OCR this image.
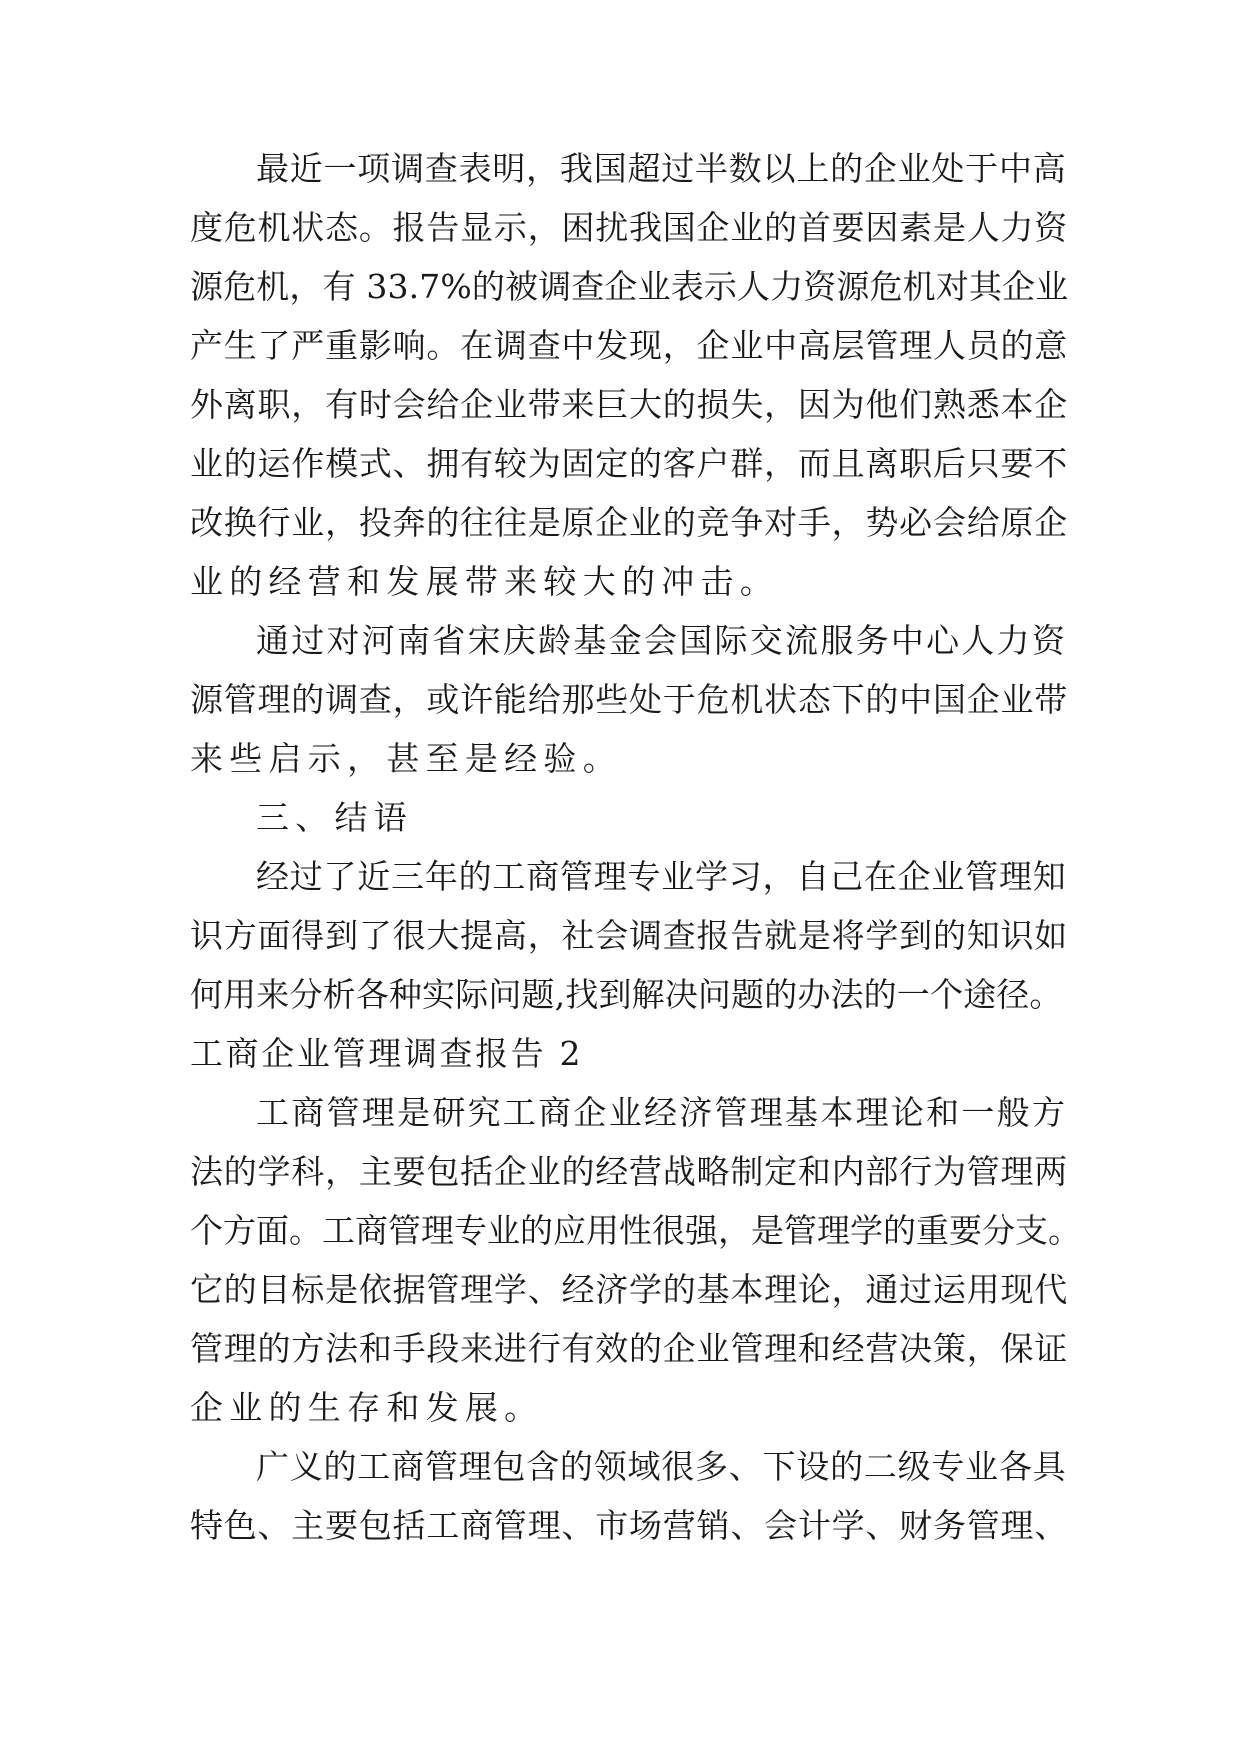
最近一项调查表明，我国超过半数以上的企业处于中高

度危机状态。报告显示，困扰我国企业的首要因素是人力资

源危机，有 33.7%的被调查企业表示人力资源危机对其企业

产生了严重影响。在调查中发现，企业中高层管理人员的意

外离职，有时会给企业带来巨大的损失，因为他们熟悉本企

业的运作模式、拥有较为固定的客户群，而且离职后只要不

改换行业，投奔的往往是原企业的竞争对手，势必会给原企

业的经营和发展带来较大的冲击。

通过对河南省宋庆龄基金会国际交流服务中心人力资

源管理的调查，或许能给那些处于危机状态下的中国企业带

来些启示，甚至是经验。

三、结语

经过了近三年的工商管理专业学习，自己在企业管理知

识方面得到了很大提高，社会调查报告就是将学到的知识如

何用来分析各种实际问题,找到解决问题的办法的一个途径。

工商企业管理调查报告 2

工商管理是研究工商企业经济管理基本理论和一般方

法的学科，主要包括企业的经营战略制定和内部行为管理两

个方面。工商管理专业的应用性很强，是管理学的重要分支。

它的目标是依据管理学、经济学的基本理论，通过运用现代

管理的方法和手段来进行有效的企业管理和经营决策，保证

企业的生存和发展。

广义的工商管理包含的领域很多、下设的二级专业各具

特色、主要包括工商管理、市场营销、会计学、财务管理、
